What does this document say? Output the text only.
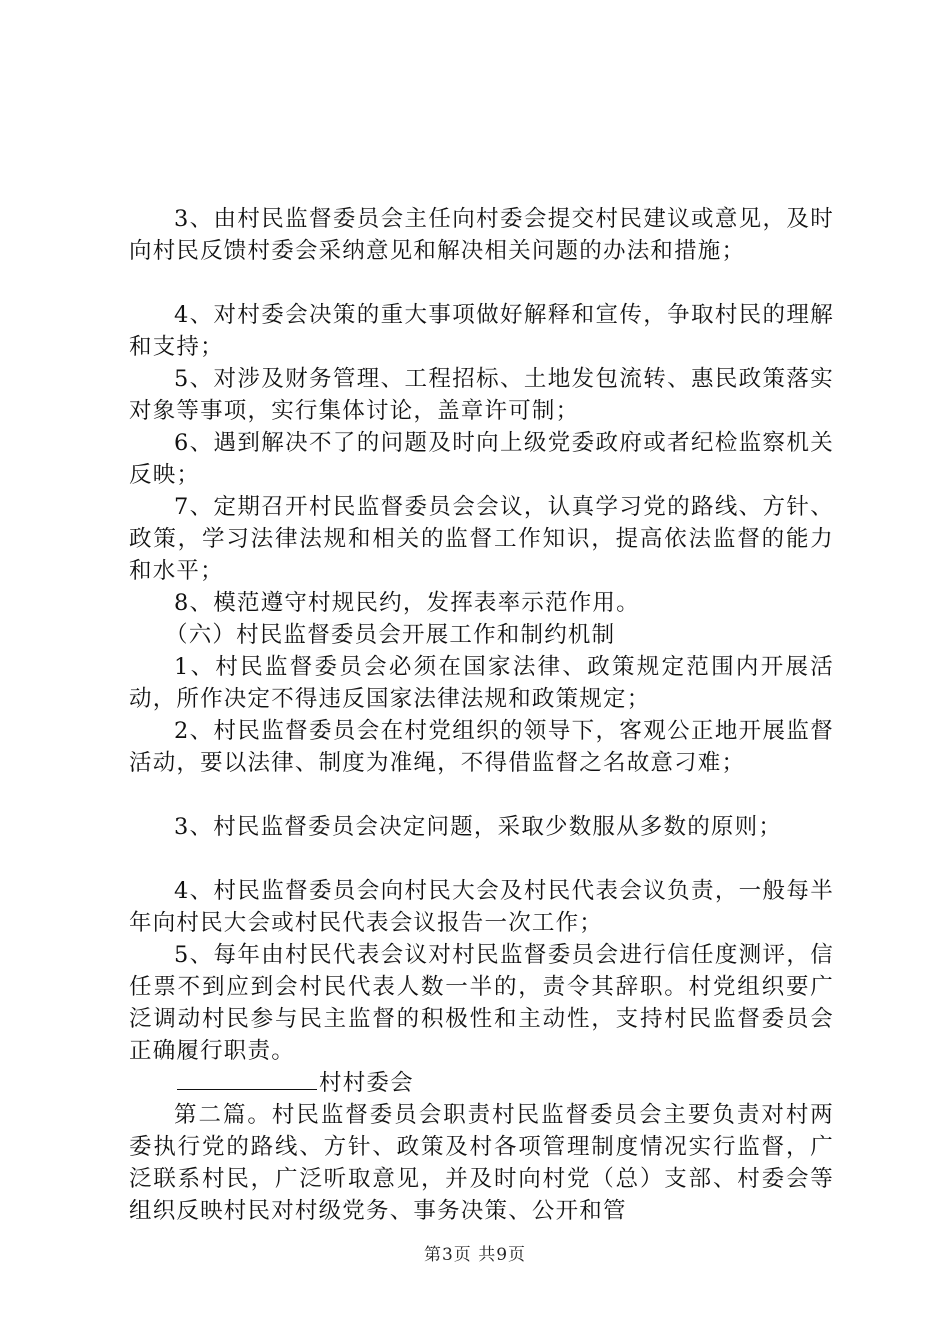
3、由村民监督委员会主任向村委会提交村民建议或意见，及时向村民反馈村委会采纳意见和解决相关问题的办法和措施；

4、对村委会决策的重大事项做好解释和宣传，争取村民的理解和支持；

5、对涉及财务管理、工程招标、土地发包流转、惠民政策落实对象等事项，实行集体讨论，盖章许可制；

6、遇到解决不了的问题及时向上级党委政府或者纪检监察机关反映；

7、定期召开村民监督委员会会议，认真学习党的路线、方针、政策，学习法律法规和相关的监督工作知识，提高依法监督的能力和水平；

8、模范遵守村规民约，发挥表率示范作用。

（六）村民监督委员会开展工作和制约机制

1、村民监督委员会必须在国家法律、政策规定范围内开展活动，所作决定不得违反国家法律法规和政策规定；

2、村民监督委员会在村党组织的领导下，客观公正地开展监督活动，要以法律、制度为准绳，不得借监督之名故意刁难；

3、村民监督委员会决定问题，采取少数服从多数的原则；

4、村民监督委员会向村民大会及村民代表会议负责，一般每半年向村民大会或村民代表会议报告一次工作；

5、每年由村民代表会议对村民监督委员会进行信任度测评，信任票不到应到会村民代表人数一半的，责令其辞职。村党组织要广泛调动村民参与民主监督的积极性和主动性，支持村民监督委员会正确履行职责。

村村委会

第二篇。村民监督委员会职责村民监督委员会主要负责对村两委执行党的路线、方针、政策及村各项管理制度情况实行监督，广泛联系村民，广泛听取意见，并及时向村党（总）支部、村委会等组织反映村民对村级党务、事务决策、公开和管

第3页 共9页
